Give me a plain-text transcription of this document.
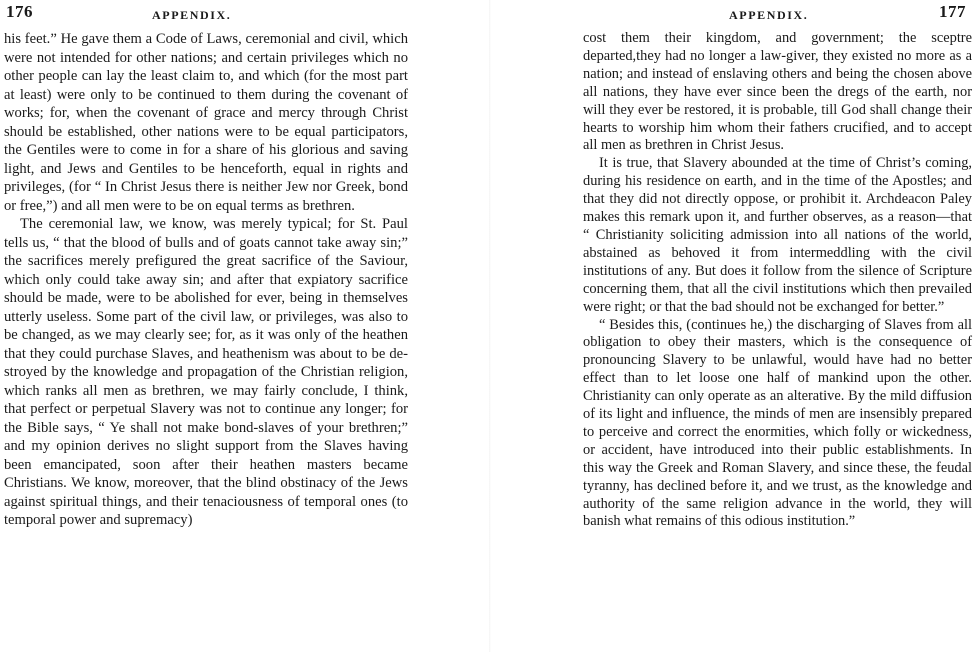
176	APPENDIX.

his feet.” He gave them a Code of Laws, ceremonial and civil, which were not intended for other nations; and certain privileges which no other people can lay the least claim to, and which (for the most part at least) were only to be continued to them during the covenant of works; for, when the covenant of grace and mercy through Christ should be established, other nations were to be equal participators, the Gentiles were to come in for a share of his glorious and saving light, and Jews and Gentiles to be henceforth, equal in rights and privileges, (for “ In Christ Jesus there is neither Jew nor Greek, bond or free,”) and all men were to be on equal terms as brethren.

The ceremonial law, we know, was merely typical; for St. Paul tells us, “ that the blood of bulls and of goats cannot take away sin;” the sacrifices merely prefigured the great sacrifice of the Saviour, which only could take away sin; and after that expiatory sacrifice should be made, were to be abolished for ever, being in themselves utterly useless. Some part of the civil law, or privileges, was also to be changed, as we may clearly see; for, as it was only of the heathen that they could purchase Slaves, and heathenism was about to be destroyed by the knowledge and propagation of the Christian religion, which ranks all men as brethren, we may fairly conclude, I think, that perfect or perpetual Slavery was not to continue any longer; for the Bible says, “ Ye shall not make bond-slaves of your brethren;” and my opinion derives no slight support from the Slaves having been emancipated, soon after their heathen masters became Christians. We know, moreover, that the blind obstinacy of the Jews against spiritual things, and their tenaciousness of temporal ones (to temporal power and supremacy)

APPENDIX.	177

cost them their kingdom, and government; the sceptre departed,they had no longer a law-giver, they existed no more as a nation; and instead of enslaving others and being the chosen above all nations, they have ever since been the dregs of the earth, nor will they ever be restored, it is probable, till God shall change their hearts to worship him whom their fathers crucified, and to accept all men as brethren in Christ Jesus.

It is true, that Slavery abounded at the time of Christ’s coming, during his residence on earth, and in the time of the Apostles; and that they did not directly oppose, or prohibit it. Archdeacon Paley makes this remark upon it, and further observes, as a reason—that “ Christianity soliciting admission into all nations of the world, abstained as behoved it from intermeddling with the civil institutions of any. But does it follow from the silence of Scripture concerning them, that all the civil institutions which then prevailed were right; or that the bad should not be exchanged for better.”

“ Besides this, (continues he,) the discharging of Slaves from all obligation to obey their masters, which is the consequence of pronouncing Slavery to be unlawful, would have had no better effect than to let loose one half of mankind upon the other. Christianity can only operate as an alterative. By the mild diffusion of its light and influence, the minds of men are insensibly prepared to perceive and correct the enormities, which folly or wickedness, or accident, have introduced into their public establishments. In this way the Greek and Roman Slavery, and since these, the feudal tyranny, has declined before it, and we trust, as the knowledge and authority of the same religion advance in the world, they will banish what remains of this odious institution.”
